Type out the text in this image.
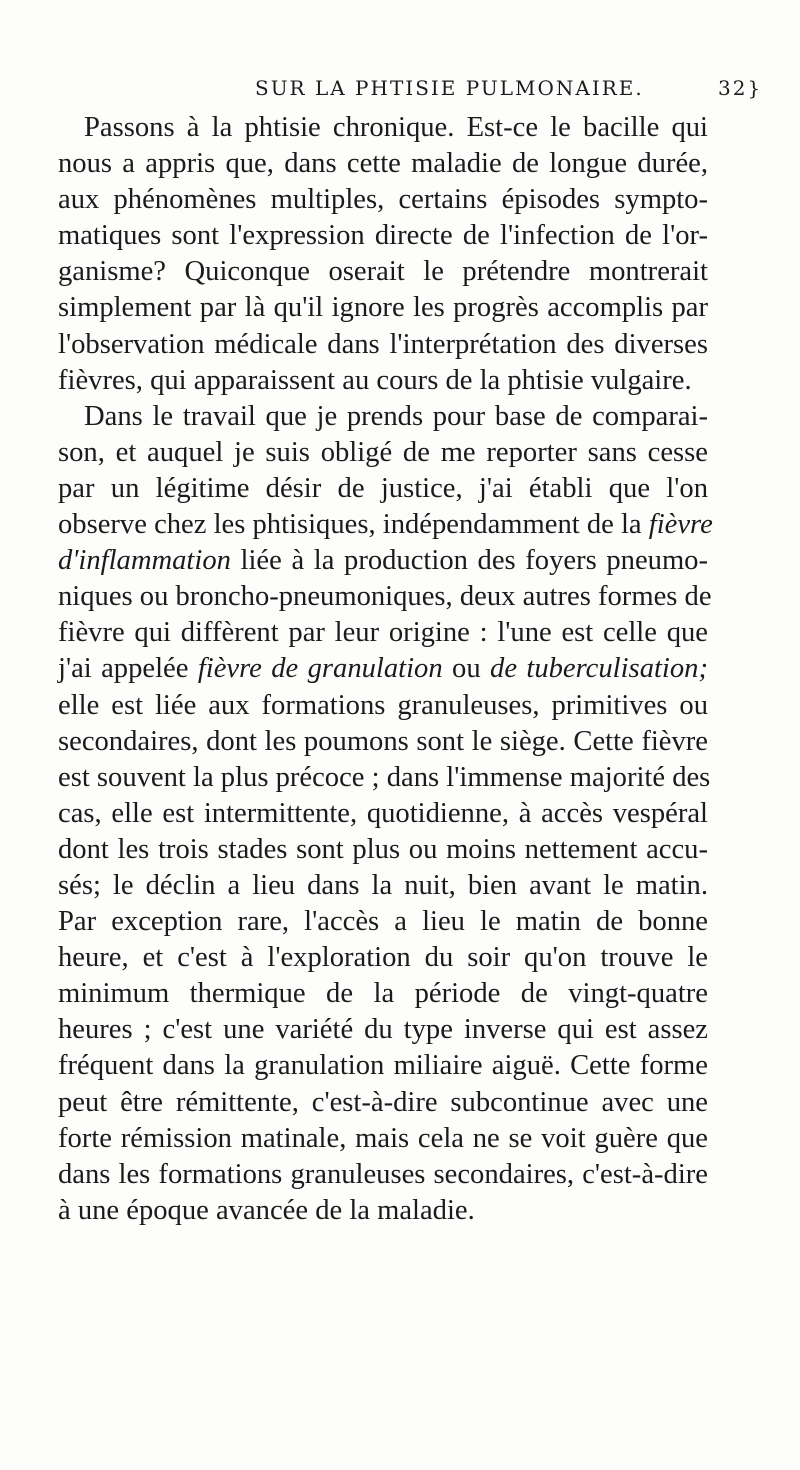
SUR LA PHTISIE PULMONAIRE.	32}
Passons à la phtisie chronique. Est-ce le bacille qui
nous a appris que, dans cette maladie de longue durée,
aux phénomènes multiples, certains épisodes sympto-
matiques sont l'expression directe de l'infection de l'or-
ganisme? Quiconque oserait le prétendre montrerait
simplement par là qu'il ignore les progrès accomplis par
l'observation médicale dans l'interprétation des diverses
fièvres, qui apparaissent au cours de la phtisie vulgaire.
Dans le travail que je prends pour base de comparai-
son, et auquel je suis obligé de me reporter sans cesse
par un légitime désir de justice, j'ai établi que l'on
observe chez les phtisiques, indépendamment de la fièvre
d'inflammation liée à la production des foyers pneumo-
niques ou broncho-pneumoniques, deux autres formes de
fièvre qui diffèrent par leur origine : l'une est celle que
j'ai appelée fièvre de granulation ou de tuberculisation;
elle est liée aux formations granuleuses, primitives ou
secondaires, dont les poumons sont le siège. Cette fièvre
est souvent la plus précoce ; dans l'immense majorité des
cas, elle est intermittente, quotidienne, à accès vespéral
dont les trois stades sont plus ou moins nettement accu-
sés; le déclin a lieu dans la nuit, bien avant le matin.
Par exception rare, l'accès a lieu le matin de bonne
heure, et c'est à l'exploration du soir qu'on trouve le
minimum thermique de la période de vingt-quatre
heures ; c'est une variété du type inverse qui est assez
fréquent dans la granulation miliaire aiguë. Cette forme
peut être rémittente, c'est-à-dire subcontinue avec une
forte rémission matinale, mais cela ne se voit guère que
dans les formations granuleuses secondaires, c'est-à-dire
à une époque avancée de la maladie.
